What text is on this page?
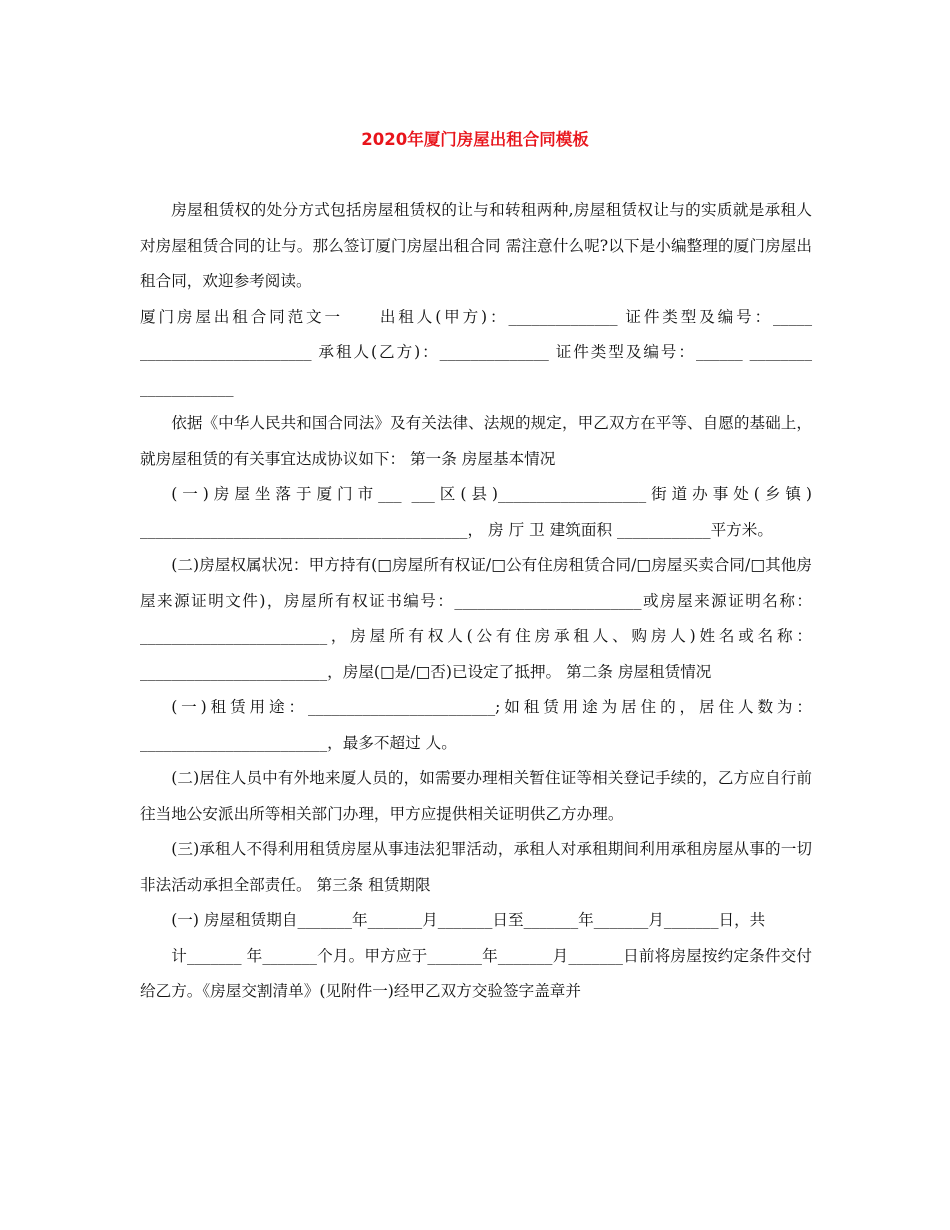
2020年厦门房屋出租合同模板

房屋租赁权的处分方式包括房屋租赁权的让与和转租两种,房屋租赁权让与的实质就是承租人对房屋租赁合同的让与。那么签订厦门房屋出租合同 需注意什么呢?以下是小编整理的厦门房屋出租合同，欢迎参考阅读。

厦门房屋出租合同范文一　　出租人(甲方)：______________ 证件类型及编号：_____ ______________________ 承租人(乙方)：______________ 证件类型及编号：______ ________ ____________

依据《中华人民共和国合同法》及有关法律、法规的规定，甲乙双方在平等、自愿的基础上，就房屋租赁的有关事宜达成协议如下： 第一条 房屋基本情况

(一)房屋坐落于厦门市___ ___区(县)___________________街道办事处(乡镇) __________________________________________， 房 厅 卫 建筑面积 ____________平方米。

(二)房屋权属状况：甲方持有(□房屋所有权证/□公有住房租赁合同/□房屋买卖合同/□其他房屋来源证明文件)，房屋所有权证书编号：________________________或房屋来源证明名称：________________________，房屋所有权人(公有住房承租人、购房人)姓名或名称：________________________，房屋(□是/□否)已设定了抵押。 第二条 房屋租赁情况

(一)租赁用途：________________________;如租赁用途为居住的，居住人数为：________________________，最多不超过 人。

(二)居住人员中有外地来厦人员的，如需要办理相关暂住证等相关登记手续的，乙方应自行前往当地公安派出所等相关部门办理，甲方应提供相关证明供乙方办理。

(三)承租人不得利用租赁房屋从事违法犯罪活动，承租人对承租期间利用承租房屋从事的一切非法活动承担全部责任。 第三条 租赁期限

(一) 房屋租赁期自_______年_______月_______日至_______年_______月_______日，共

计_______ 年_______个月。甲方应于_______年_______月_______日前将房屋按约定条件交付给乙方。《房屋交割清单》(见附件一)经甲乙双方交验签字盖章并
